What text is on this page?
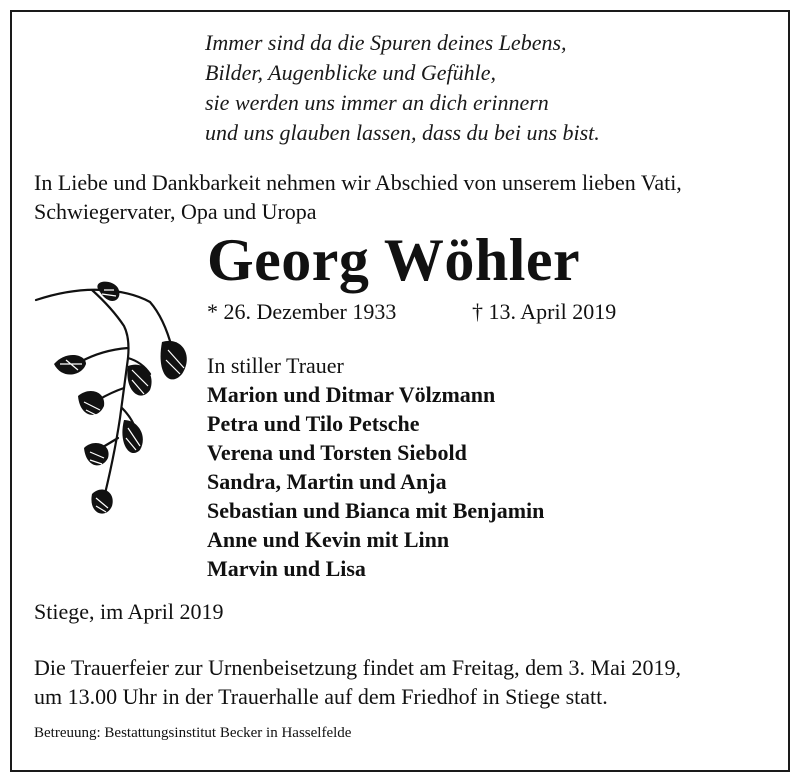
Immer sind da die Spuren deines Lebens,
Bilder, Augenblicke und Gefühle,
sie werden uns immer an dich erinnern
und uns glauben lassen, dass du bei uns bist.
In Liebe und Dankbarkeit nehmen wir Abschied von unserem lieben Vati,
Schwiegervater, Opa und Uropa
Georg Wöhler
* 26. Dezember 1933	† 13. April 2019
In stiller Trauer
Marion und Ditmar Völzmann
Petra und Tilo Petsche
Verena und Torsten Siebold
Sandra, Martin und Anja
Sebastian und Bianca mit Benjamin
Anne und Kevin mit Linn
Marvin und Lisa
Stiege, im April 2019
Die Trauerfeier zur Urnenbeisetzung findet am Freitag, dem 3. Mai 2019,
um 13.00 Uhr in der Trauerhalle auf dem Friedhof in Stiege statt.
Betreuung: Bestattungsinstitut Becker in Hasselfelde
